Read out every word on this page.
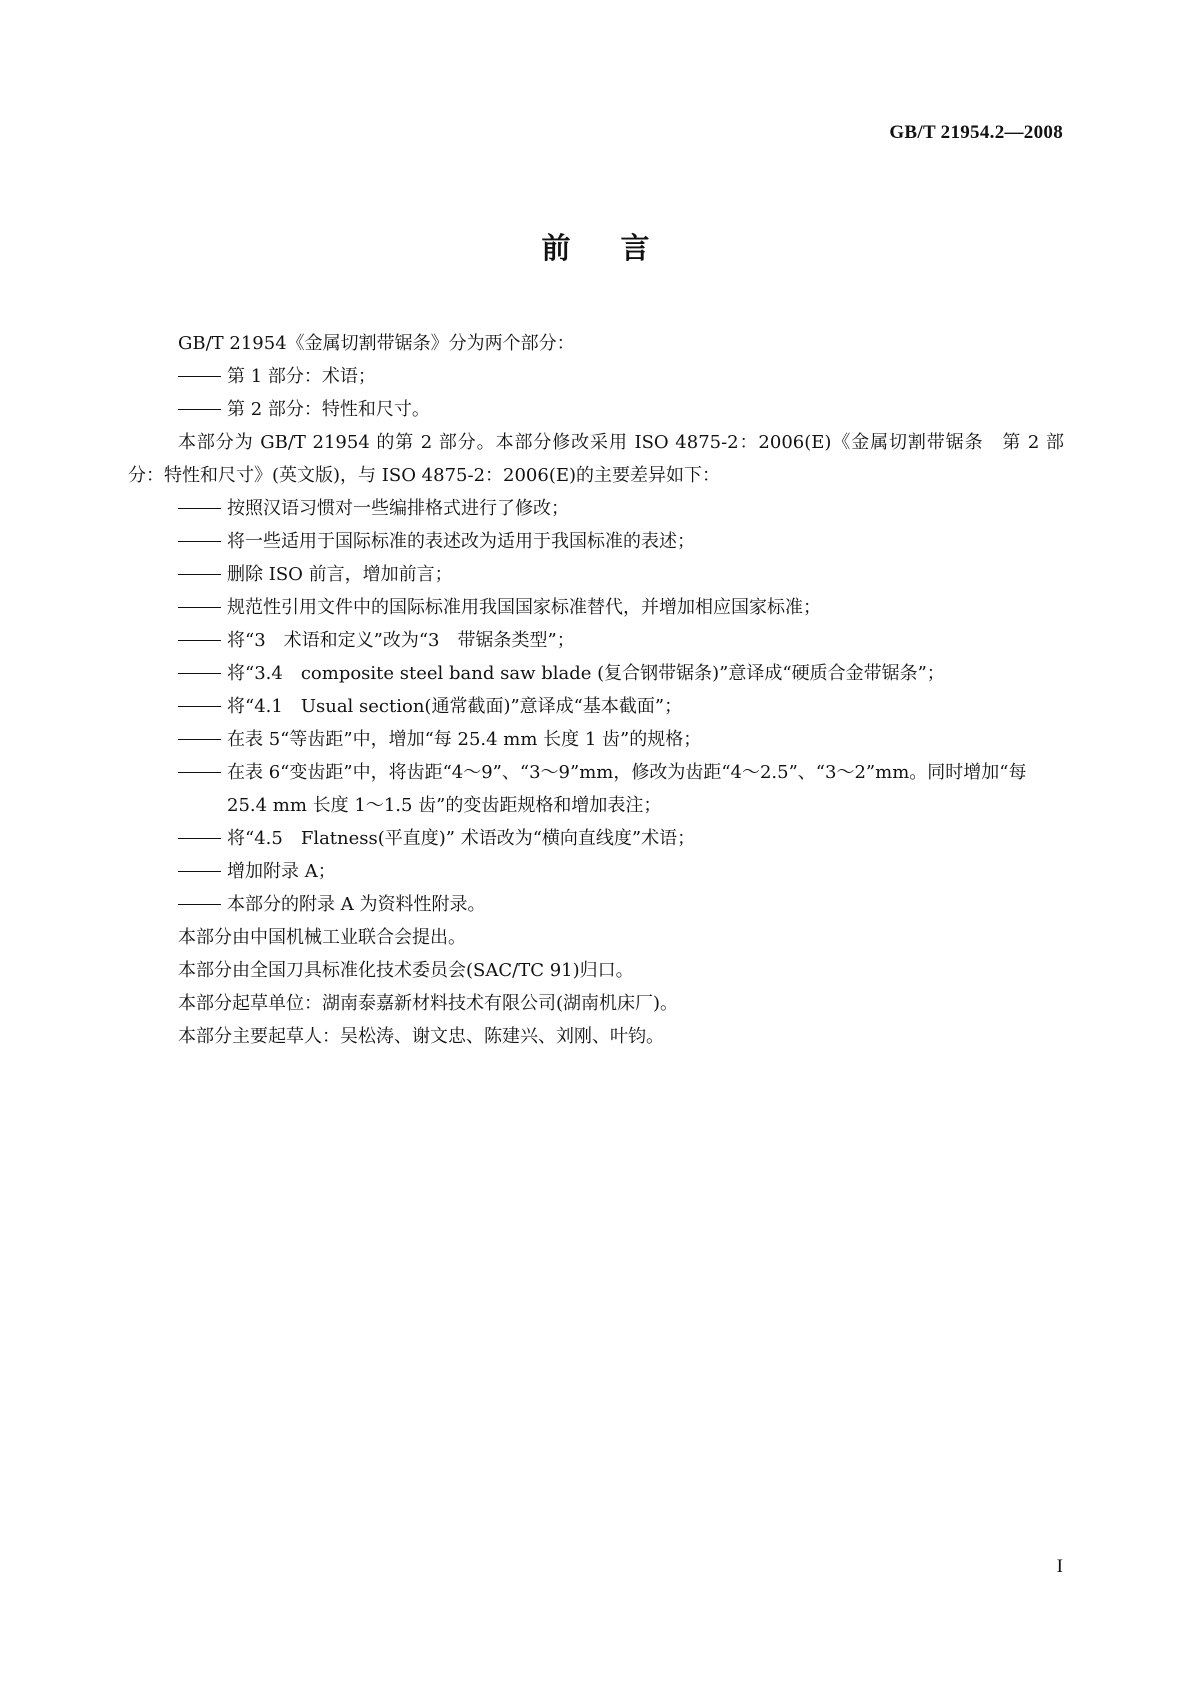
GB/T 21954.2—2008
前言

GB/T 21954《金属切割带锯条》分为两个部分：

第 1 部分：术语；

第 2 部分：特性和尺寸。

本部分为 GB/T 21954 的第 2 部分。本部分修改采用 ISO 4875-2：2006(E)《金属切割带锯条　第 2 部分：特性和尺寸》(英文版)，与 ISO 4875-2：2006(E)的主要差异如下：

按照汉语习惯对一些编排格式进行了修改；

将一些适用于国际标准的表述改为适用于我国标准的表述；

删除 ISO 前言，增加前言；

规范性引用文件中的国际标准用我国国家标准替代，并增加相应国家标准；

将“3　术语和定义”改为“3　带锯条类型”；

将“3.4　composite steel band saw blade (复合钢带锯条)”意译成“硬质合金带锯条”；

将“4.1　Usual section(通常截面)”意译成“基本截面”；

在表 5“等齿距”中，增加“每 25.4 mm 长度 1 齿”的规格；

在表 6“变齿距”中，将齿距“4～9”、“3～9”mm，修改为齿距“4～2.5”、“3～2”mm。同时增加“每 25.4 mm 长度 1～1.5 齿”的变齿距规格和增加表注；

将“4.5　Flatness(平直度)” 术语改为“横向直线度”术语；

增加附录 A；

本部分的附录 A 为资料性附录。

本部分由中国机械工业联合会提出。

本部分由全国刀具标准化技术委员会(SAC/TC 91)归口。

本部分起草单位：湖南泰嘉新材料技术有限公司(湖南机床厂)。

本部分主要起草人：吴松涛、谢文忠、陈建兴、刘刚、叶钧。

I
